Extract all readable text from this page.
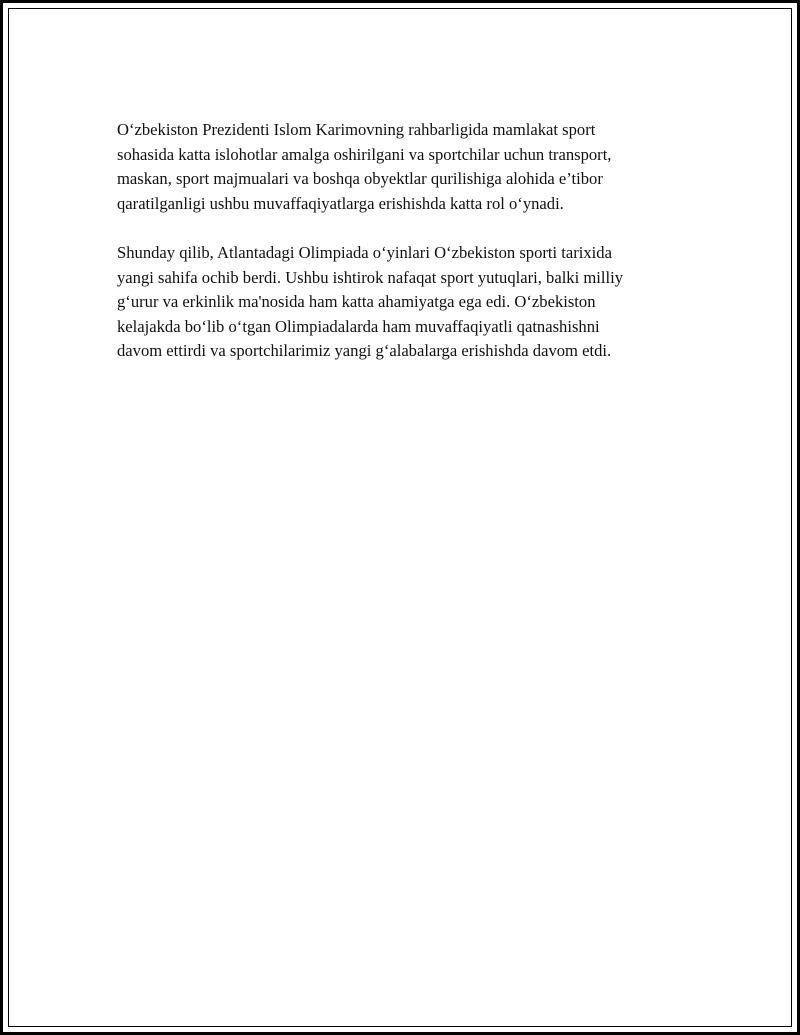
O‘zbekiston Prezidenti Islom Karimovning rahbarligida mamlakat sport
sohasida katta islohotlar amalga oshirilgani va sportchilar uchun transport,
maskan, sport majmualari va boshqa obyektlar qurilishiga alohida e’tibor
qaratilganligi ushbu muvaffaqiyatlarga erishishda katta rol o‘ynadi.

Shunday qilib, Atlantadagi Olimpiada o‘yinlari O‘zbekiston sporti tarixida
yangi sahifa ochib berdi. Ushbu ishtirok nafaqat sport yutuqlari, balki milliy
g‘urur va erkinlik ma'nosida ham katta ahamiyatga ega edi. O‘zbekiston
kelajakda bo‘lib o‘tgan Olimpiadalarda ham muvaffaqiyatli qatnashishni
davom ettirdi va sportchilarimiz yangi g‘alabalarga erishishda davom etdi.
